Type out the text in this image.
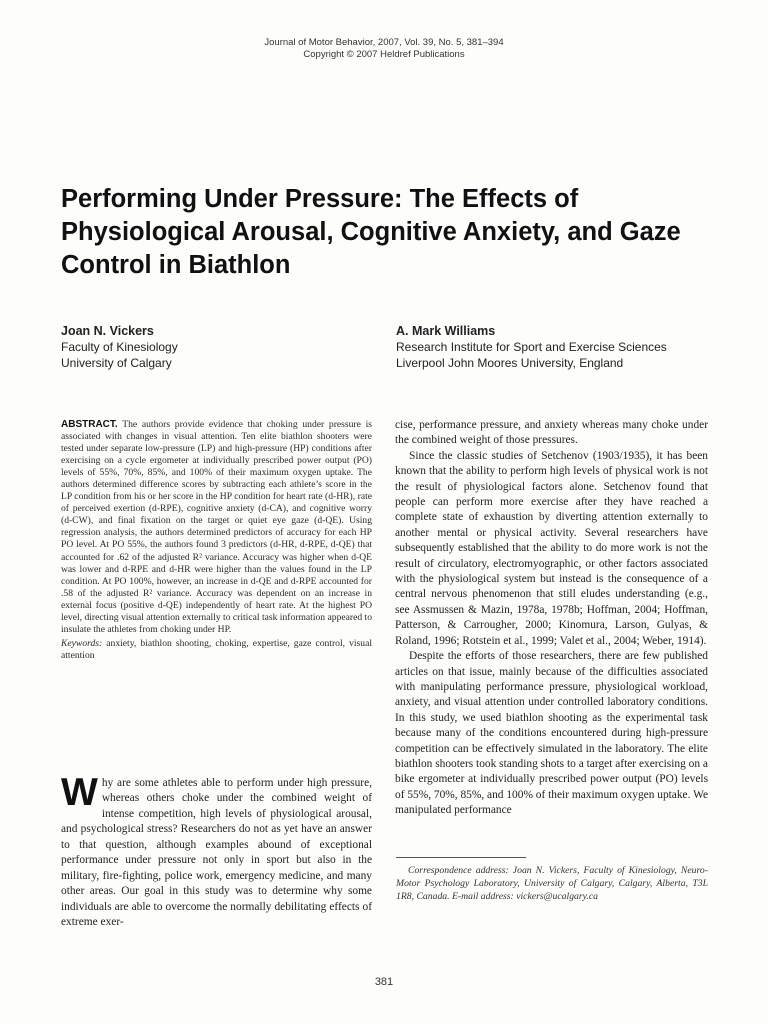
Journal of Motor Behavior, 2007, Vol. 39, No. 5, 381–394
Copyright © 2007 Heldref Publications
Performing Under Pressure: The Effects of Physiological Arousal, Cognitive Anxiety, and Gaze Control in Biathlon
Joan N. Vickers
Faculty of Kinesiology
University of Calgary
A. Mark Williams
Research Institute for Sport and Exercise Sciences
Liverpool John Moores University, England

ABSTRACT. The authors provide evidence that choking under pressure is associated with changes in visual attention. Ten elite biathlon shooters were tested under separate low-pressure (LP) and high-pressure (HP) conditions after exercising on a cycle ergometer at individually prescribed power output (PO) levels of 55%, 70%, 85%, and 100% of their maximum oxygen uptake. The authors determined difference scores by subtracting each athlete’s score in the LP condition from his or her score in the HP condition for heart rate (d-HR), rate of perceived exertion (d-RPE), cognitive anxiety (d-CA), and cognitive worry (d-CW), and final fixation on the target or quiet eye gaze (d-QE). Using regression analysis, the authors determined predictors of accuracy for each HP PO level. At PO 55%, the authors found 3 predictors (d-HR, d-RPE, d-QE) that accounted for .62 of the adjusted R² variance. Accuracy was higher when d-QE was lower and d-RPE and d-HR were higher than the values found in the LP condition. At PO 100%, however, an increase in d-QE and d-RPE accounted for .58 of the adjusted R² variance. Accuracy was dependent on an increase in external focus (positive d-QE) independently of heart rate. At the highest PO level, directing visual attention externally to critical task information appeared to insulate the athletes from choking under HP.

Keywords: anxiety, biathlon shooting, choking, expertise, gaze control, visual attention

Why are some athletes able to perform under high pressure, whereas others choke under the combined weight of intense competition, high levels of physiological arousal, and psychological stress? Researchers do not as yet have an answer to that question, although examples abound of exceptional performance under pressure not only in sport but also in the military, fire-fighting, police work, emergency medicine, and many other areas. Our goal in this study was to determine why some individuals are able to overcome the normally debilitating effects of extreme exer-

cise, performance pressure, and anxiety whereas many choke under the combined weight of those pressures.

Since the classic studies of Setchenov (1903/1935), it has been known that the ability to perform high levels of physical work is not the result of physiological factors alone. Setchenov found that people can perform more exercise after they have reached a complete state of exhaustion by diverting attention externally to another mental or physical activity. Several researchers have subsequently established that the ability to do more work is not the result of circulatory, electromyographic, or other factors associated with the physiological system but instead is the consequence of a central nervous phenomenon that still eludes understanding (e.g., see Assmussen & Mazin, 1978a, 1978b; Hoffman, 2004; Hoffman, Patterson, & Carrougher, 2000; Kinomura, Larson, Gulyas, & Roland, 1996; Rotstein et al., 1999; Valet et al., 2004; Weber, 1914).

Despite the efforts of those researchers, there are few published articles on that issue, mainly because of the difficulties associated with manipulating performance pressure, physiological workload, anxiety, and visual attention under controlled laboratory conditions. In this study, we used biathlon shooting as the experimental task because many of the conditions encountered during high-pressure competition can be effectively simulated in the laboratory. The elite biathlon shooters took standing shots to a target after exercising on a bike ergometer at individually prescribed power output (PO) levels of 55%, 70%, 85%, and 100% of their maximum oxygen uptake. We manipulated performance

Correspondence address: Joan N. Vickers, Faculty of Kinesiology, Neuro-Motor Psychology Laboratory, University of Calgary, Calgary, Alberta, T3L 1R8, Canada. E-mail address: vickers@ucalgary.ca
381
